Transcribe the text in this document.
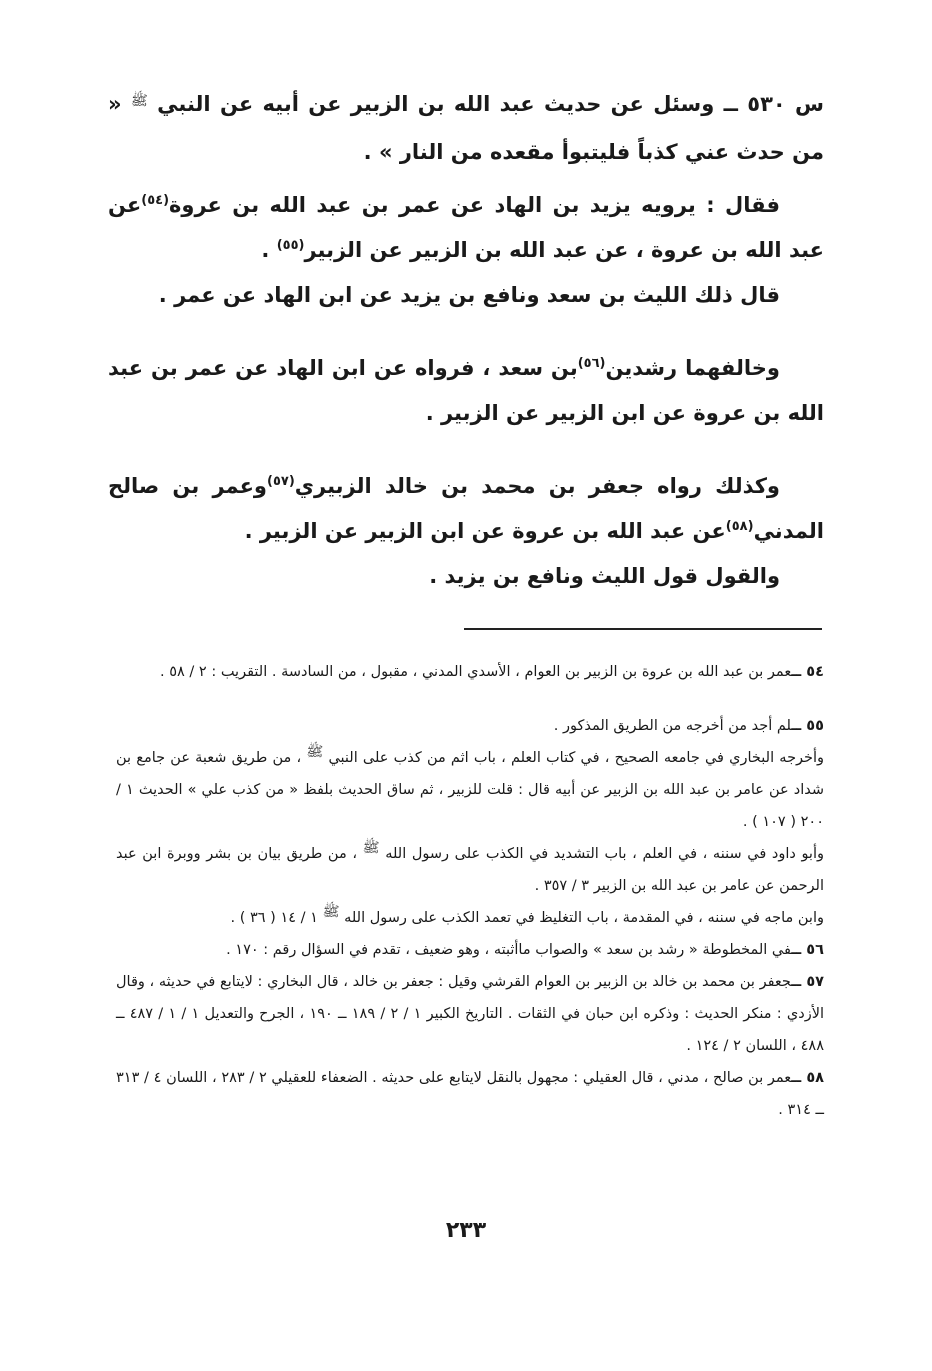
س ٥٣٠ ــ وسئل عن حديث عبد الله بن الزبير عن أبيه عن النبي ﷺ « من حدث عني كذباً فليتبوأ مقعده من النار » .

فقال : يرويه يزيد بن الهاد عن عمر بن عبد الله بن عروة$^{(٥٤)}$عن عبد الله بن عروة ، عن عبد الله بن الزبير عن الزبير$^{(٥٥)}$ .

قال ذلك الليث بن سعد ونافع بن يزيد عن ابن الهاد عن عمر .

وخالفهما رشدين$^{(٥٦)}$بن سعد ، فرواه عن ابن الهاد عن عمر بن عبد الله بن عروة عن ابن الزبير عن الزبير .

وكذلك رواه جعفر بن محمد بن خالد الزبيري$^{(٥٧)}$وعمر بن صالح المدني$^{(٥٨)}$عن عبد الله بن عروة عن ابن الزبير عن الزبير .

والقول قول الليث ونافع بن يزيد .

٥٤ ــعمر بن عبد الله بن عروة بن الزبير بن العوام ، الأسدي المدني ، مقبول ، من السادسة . التقريب : ٢ / ٥٨ .

٥٥ ــلم أجد من أخرجه من الطريق المذكور .

وأخرجه البخاري في جامعه الصحيح ، في كتاب العلم ، باب اثم من كذب على النبي ﷺ ، من طريق شعبة عن جامع بن شداد عن عامر بن عبد الله بن الزبير عن أبيه قال : قلت للزبير ، ثم ساق الحديث بلفظ « من كذب علي » الحديث ١ / ٢٠٠ ( ١٠٧ ) .

وأبو داود في سننه ، في العلم ، باب التشديد في الكذب على رسول الله ﷺ ، من طريق بيان بن بشر ووبرة ابن عبد الرحمن عن عامر بن عبد الله بن الزبير ٣ / ٣٥٧ .

وابن ماجه في سننه ، في المقدمة ، باب التغليظ في تعمد الكذب على رسول الله ﷺ ١ / ١٤ ( ٣٦ ) .

٥٦ ــفي المخطوطة « رشد بن سعد » والصواب ماأثبته ، وهو ضعيف ، تقدم في السؤال رقم : ١٧٠ .

٥٧ ــجعفر بن محمد بن خالد بن الزبير بن العوام القرشي وقيل : جعفر بن خالد ، قال البخاري : لايتابع في حديثه ، وقال الأزدي : منكر الحديث : وذكره ابن حبان في الثقات . التاريخ الكبير ١ / ٢ / ١٨٩ ــ ١٩٠ ، الجرح والتعديل ١ / ١ / ٤٨٧ ــ ٤٨٨ ، اللسان ٢ / ١٢٤ .

٥٨ ــعمر بن صالح ، مدني ، قال العقيلي : مجهول بالنقل لايتابع على حديثه . الضعفاء للعقيلي ٢ / ٢٨٣ ، اللسان ٤ / ٣١٣ ــ ٣١٤ .

٢٣٣
